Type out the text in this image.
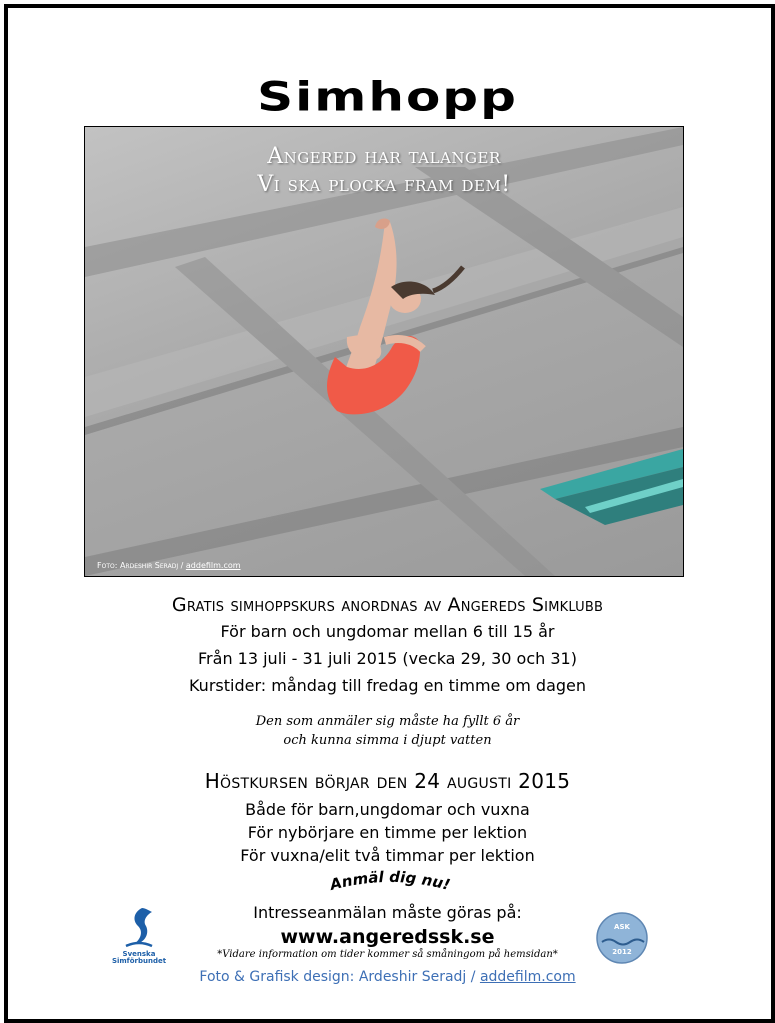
Simhopp
Angered har talanger
Vi ska plocka fram dem!
Foto: Ardeshir Seradj / addefilm.com
Gratis simhoppskurs anordnas av Angereds Simklubb
För barn och ungdomar mellan 6 till 15 år
Från 13 juli - 31 juli 2015 (vecka 29, 30 och 31)
Kurstider: måndag till fredag en timme om dagen
Den som anmäler sig måste ha fyllt 6 år
och kunna simma i djupt vatten
Höstkursen börjar den 24 augusti 2015
Både för barn,ungdomar och vuxna
För nybörjare en timme per lektion
För vuxna/elit två timmar per lektion
Anmäl dig nu!
Intresseanmälan måste göras på:
www.angeredssk.se
*Vidare information om tider kommer så småningom på hemsidan*
Foto & Grafisk design: Ardeshir Seradj / addefilm.com
Svenska
Simförbundet
ASK
2012
